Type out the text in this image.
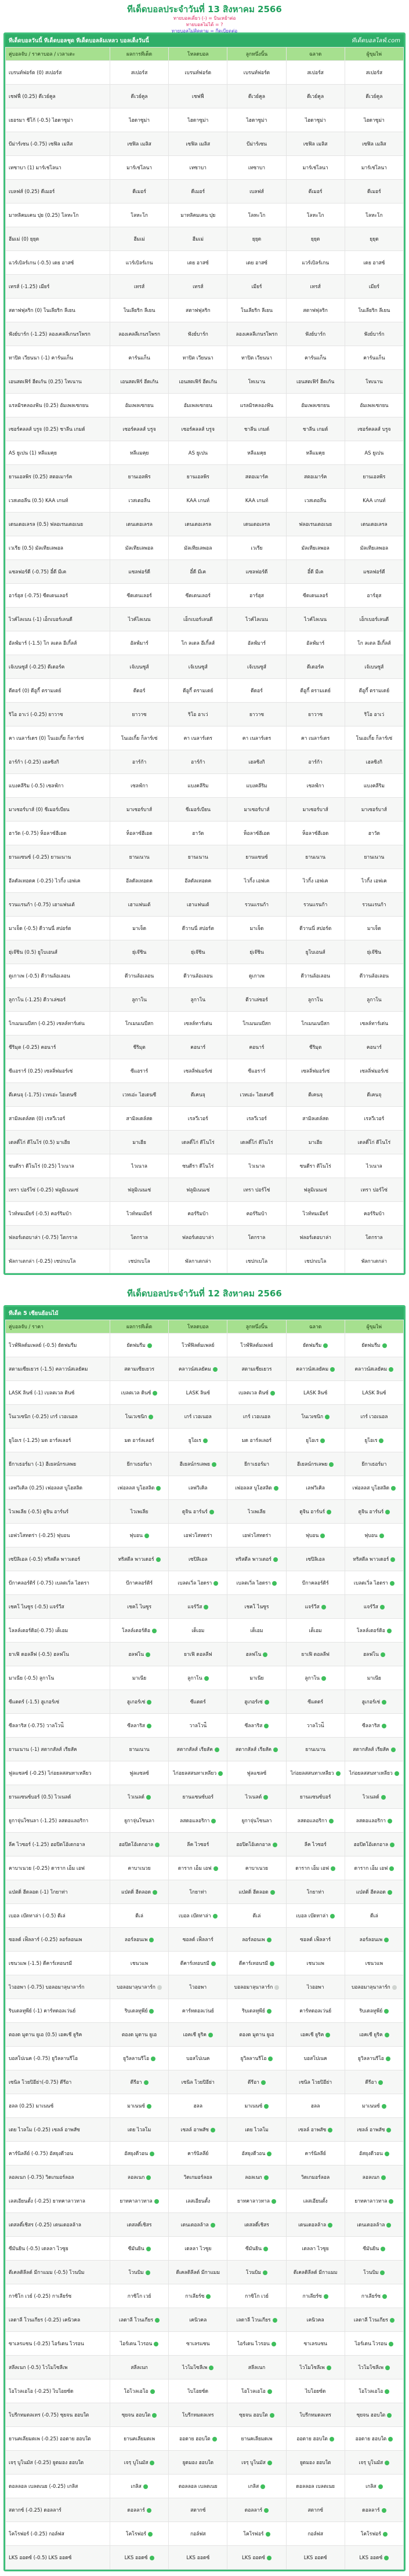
ทีเด็ดบอลประจำวันที่ 13 สิงหาคม 2566
ทายบอลเดี่ยว (-) = บินเหย้าต่อ
ทายบอลไม่ได้ = ?
ทายบอลไม่ติดตาม = กีดเบียดต่อ
ทีเด็ดบอลวันนี้ ทีเด็ดบอลชุด ทีเด็ดบอลล้มเหลว บอลเต็งวันนี้	ทีเด็ดบอลไลฟ์.com
คู่บอลจับ / ราคาบอล / เวลาเตะ	ผลการทีเด็ด	โหลดบอล	ลูกหนึ่งนิ้น	ฉลาด	ผู้ขุมไพ่
เบรนท์ฟอร์ด (0) สเปอร์ส	สเปอร์ส	เบรนท์ฟอร์ด	เบรนท์ฟอร์ด	สเปอร์ส	สเปอร์ส
เชฟฟี่ (0.25) ดีเวย์คูล	ดีเวย์คูล	เชฟฟี่	ดีเวย์คูล	ดีเวย์คูล	ดีเวย์คูล
เยอรมา ชีโก้ (-0.5) ไฮดาซูม่า	ไฮดาซูม่า	ไฮดาซูม่า	ไฮดาซูม่า	ไฮดาซูม่า	ไฮดาซูม่า
บีม่าร์เซน (-0.75) เซฟิล เมลิส	เซฟิล เมลิส	เซฟิล เมลิส	บีม่าร์เซน	เซฟิล เมลิส	เซฟิล เมลิส
เทซาบา (1) มาร์เช่โลนา	มาร์เช่โลนา	เทซาบา	เทซาบา	มาร์เช่โลนา	มาร์เช่โลนา
เบลฟส์ (0.25) ดีเมอร์	ดีเมอร์	ดีเมอร์	เบลฟส์	ดีเมอร์	ดีเมอร์
มาทลิคมเคน ปุย (0.25) โลหะโก	โลหะโก	มาทลิคมเคน ปุย	โลหะโก	โลหะโก	โลหะโก
ฮีมเม่ (0) ยุยุด	ฮีมเม่	ฮีมเม่	ยุยุด	ยุยุด	ยุยุด
แวร์เบิลร์เกน (-0.5) เดย อาสซ์	แวร์เบิลร์เกน	เดย อาสซ์	เดย อาสซ์	แวร์เบิลร์เกน	เดย อาสซ์
เทรส์ (-1.25) เมียร์	เทรส์	เทรส์	เมียร์	เทรส์	เมียร์
สตาฟฟุลริก (0) โนเลียริก ลีเยน	โนเลียริก ลีเยน	สตาฟฟุลริก	โนเลียริก ลีเยน	สตาฟฟุลริก	โนเลียริก ลีเยน
ฟังย์บาร์ก (-1.25) ลองเคลลีเกนรโพรก	ลองเคลลีเกนรโพรก	ฟังย์บาร์ก	ลองเคลลีเกนรโพรก	ฟังย์บาร์ก	ฟังย์บาร์ก
ทาปิต เวียนนา (-1) คาร์นแก็น	คาร์นแก็น	ทาปิต เวียนนา	ทาปิต เวียนนา	คาร์นแก็น	คาร์นแก็น
เอนสตเฟิร์ ฮีดเก้น (0.25) โทเนาน	เอนสตเฟิร์ ฮีดเก้น	เอนสตเฟิร์ ฮีดเก้น	โทเนาน	เอนสตเฟิร์ ฮีดเก้น	โทเนาน
แรลมิรคลองฟ้น (0.25) อัมเพลเซกยน	อัมเพลเซกยน	อัมเพลเซกยน	แรลมิรคลองฟ้น	อัมเพลเซกยน	อัมเพลเซกยน
เซอร์คลลส์ บรูจ (0.25) ชาลีน เกมด์	เซอร์คลลส์ บรูจ	เซอร์คลลส์ บรูจ	ชาลีน เกมด์	ชาลีน เกมด์	เซอร์คลลส์ บรูจ
AS ยูเปน (1) หลีแมคุย	หลีแมคุย	AS ยูเปน	หลีแมคุย	หลีแมคุย	AS ยูเปน
ยานเอลพิร (0.25) สตอเมาร์ค	ยานเอลพิร	ยานเอลพิร	สตอเมาร์ค	สตอเมาร์ค	ยานเอลพิร
เวสเตอลีน (0.5) KAA เกนท์	เวสเตอลีน	KAA เกนท์	KAA เกนท์	เวสเตอลีน	KAA เกนท์
เดนเดอเลรล (0.5) ฟลอเรนเดอเนย	เดนเดอเลรล	เดนเดอเลรล	เดนเดอเลรล	ฟลอเรนเดอเนย	เดนเดอเลรล
เวเรีย (0.5) มัลเทียเลพอล	มัลเทียเลพอล	มัลเทียเลพอล	เวเรีย	มัลเทียเลพอล	มัลเทียเลพอล
แซลฟอร์ดี (-0.75) อี๋ดี มีเค	แซลฟอร์ดี	อี๋ดี มีเค	แซลฟอร์ดี	อี๋ดี มีเค	แซลฟอร์ดี
อาร์ฮุส (-0.75) ซีดเดนเลอร์	ซีดเดนเลอร์	ซีดเดนเลอร์	อาร์ฮุส	ซีดเดนเลอร์	อาร์ฮุส
ไวค์ไลเนน (-1) เอ็กเบอร์เลนดี	ไวค์ไลเนน	เอ็กเบอร์เลนดี	ไวค์ไลเนน	ไวค์ไลเนน	เอ็กเบอร์เลนดี
อัลฟ์มาร์ (-1.5) โก ลเตล อีเกิ้ลส์	อัลฟ์มาร์	โก ลเตล อีเกิ้ลส์	อัลฟ์มาร์	อัลฟ์มาร์	โก ลเตล อีเกิ้ลส์
เจ้เบนซูส์ (-0.25) ดีเดอร์ค	เจ้เบนซูส์	เจ้เบนซูส์	เจ้เบนซูส์	ดีเดอร์ค	เจ้เบนซูส์
ดีดอร์ (0) ดีอูกี้ ตรามเดย์	ดีดอร์	ดีอูกี้ ตรามเดย์	ดีดอร์	ดีอูกี้ ตรามเดย์	ดีอูกี้ ตรามเดย์
ริโอ อาเว่ (-0.25) ยาวาซ	ยาวาซ	ริโอ อาเว่	ยาวาซ	ยาวาซ	ริโอ อาเว่
คา เนลาร์เดร (0) โนเอเกิ้ย ก็ลาร์เซ่	โนเอเกิ้ย ก็ลาร์เซ่	คา เนลาร์เดร	คา เนลาร์เดร	คา เนลาร์เดร	โนเอเกิ้ย ก็ลาร์เซ่
อาร์ก้า (-0.25) เฮลซิงกิ	อาร์ก้า	อาร์ก้า	เฮลซิงกิ	อาร์ก้า	เฮลซิงกิ
แบงคลีริม (-0.5) เซลฟ์กา	เซลฟ์กา	แบงคลีริม	แบงคลีริม	เซลฟ์กา	แบงคลีริม
มาเซอร์บาส์ (0) ชีเมอร์เบียน	มาเซอร์บาส์	ชีเมอร์เบียน	มาเซอร์บาส์	มาเซอร์บาส์	มาเซอร์บาส์
ฮาวัด (-0.75) ห็อลาซ์ฮีเอด	ห็อลาซ์ฮีเอด	ฮาวัด	ห็อลาซ์ฮีเอด	ห็อลาซ์ฮีเอด	ฮาวัด
ยานแซนซ์ (-0.25) ยานเนาน	ยานเนาน	ยานเนาน	ยานแซนซ์	ยานเนาน	ยานเนาน
อีลดัลเทอดค (-0.25) ไวกิ้ง เอฟเค	อีลดัลเทอดค	อีลดัลเทอดค	ไวกิ้ง เอฟเค	ไวกิ้ง เอฟเค	ไวกิ้ง เอฟเค
รวนเเรนก้า (-0.75) เฮาแฟนเต้	เฮาแฟนเต้	เฮาแฟนเต้	รวนเเรนก้า	รวนเเรนก้า	รวนเเรนก้า
มาเจ็ด (-0.5) ดีวานนี่ สปอร์ต	มาเจ็ด	ดีวานนี่ สปอร์ต	มาเจ็ด	ดีวานนี่ สปอร์ต	มาเจ็ด
ยุ่เจ๊ชิน (0.5) ยูโบเอนส์	ยุ่เจ๊ชิน	ยุ่เจ๊ชิน	ยุ่เจ๊ชิน	ยูโบเอนส์	ยุ่เจ๊ชิน
ดูเกาเพ (-0.5) ดีวานล้อเลอน	ดีวานล้อเลอน	ดีวานล้อเลอน	ดูเกาเพ	ดีวานล้อเลอน	ดีวานล้อเลอน
ลูกาโน (-1.25) ดีวาเล่ซอร์	ลูกาโน	ลูกาโน	ดีวาเล่ซอร์	ลูกาโน	ลูกาโน
โกเมนเนบีสก (-0.25) เซลล์ทาร์เด่น	โกเมนเนบีสก	เซลล์ทาร์เด่น	โกเมนเนบีสก	โกเมนเนบีสก	เซลล์ทาร์เด่น
ชีริมุต (-0.25) คอนาร์	ชีริมุต	คอนาร์	คอนาร์	ชีริมุต	คอนาร์
ซีแอราร์ (0.25) เซลลิ่ฟมอร์เซ่	ซีแอราร์	เซลลิ่ฟมอร์เซ่	ซีแอราร์	เซลลิ่ฟมอร์เซ่	เซลลิ่ฟมอร์เซ่
ดีเคนจุ (-1.75) เวทเอ่ะ ไฮเดนซี	เวทเอ่ะ ไฮเดนซี	ดีเคนจุ	เวทเอ่ะ ไฮเดนซี	ดีเคนจุ	ดีเคนจุ
สามิลเดล์สด (0) เรลวีเวอร์	สามิลเดล์สด	เรลวีเวอร์	เรลวีเวอร์	สามิลเดล์สด	เรลวีเวอร์
เดลดิ์โก่ ดีโนโร่ (0.5) มาเฮีย	มาเฮีย	เดลดิ์โก่ ดีโนโร่	เดลดิ์โก่ ดีโนโร่	มาเฮีย	เดลดิ์โก่ ดีโนโร่
ซนดีรา ดีโนโร่ (0.25) ไวเนาล	ไวเนาล	ซนดีรา ดีโนโร่	ไวเนาล	ซนดีรา ดีโนโร่	ไวเนาล
เทรา ปอร์โซ่ (-0.25) ฟลูมิเนนเซ่	ฟลูมิเนนเซ่	ฟลูมิเนนเซ่	เทรา ปอร์โซ่	ฟลูมิเนนเซ่	เทรา ปอร์โซ่
ไวท์ทมเมียร์ (-0.5) คอร์ริมบ้า	ไวท์ทมเมียร์	คอร์ริมบ้า	คอร์ริมบ้า	ไวท์ทมเมียร์	คอร์ริมบ้า
ฟลอร์เดอบาล่า (-0.75) โตกราล	โตกราล	ฟลอร์เดอบาล่า	โตกราล	ฟลอร์เดอบาล่า	โตกราล
พัลกาเตกล่า (-0.25) เชปกเบโล	เชปกเบโล	พัลกาเตกล่า	เชปกเบโล	เชปกเบโล	พัลกาเตกล่า
ทีเด็ดบอลประจำวันที่ 12 สิงหาคม 2566
ทีเด็ด 5 เซียนย้อนไม้
คู่บอลจับ / ราคา	ผลการทีเด็ด	โหลดบอล	ลูกหนึ่งนิ้น	ฉลาด	ผู้ขุมไพ่
โวฟ์ฟิลด์มเพลย์ (-0.5) ยัดฟมรีม	ยัดฟมรีม	โวฟ์ฟิลด์มเพลย์	โวฟ์ฟิลด์มเพลย์	ยัดฟมรีม	ยัดฟมรีม
สตามเซียเยวร (-1.5) คลาวน์สเลยัคม	สตามเซียเยวร	คลาวน์สเลยัคม	สตามเซียเยวร	คลาวน์สเลยัคม	คลาวน์สเลยัคม
LASK ลินซ์ (-1) เบลตเวล ดินซ์	เบลตเวล ดินซ์	LASK ลินซ์	เบลตเวล ดินซ์	LASK ลินซ์	LASK ลินซ์
โนเวเซนิก (-0.25) เกร์ เวอเนอล	โนเวเซนิก	เกร์ เวอเนอล	เกร์ เวอเนอล	โนเวเซนิก	เกร์ เวอเนอล
ยูโอเร (-1.25) มด อาร์ลเลอร์	มด อาร์ลเลอร์	ยูโอเร	มด อาร์ลเลอร์	ยูโอเร	ยูโอเร
ยีกาเธอร์มา (-1) ฮีเยลน์กรเลพย	ยีกาเธอร์มา	ฮีเยลน์กรเลพย	ยีกาเธอร์มา	ฮีเยลน์กรเลพย	ยีกาเธอร์มา
เลฟวิเคิล (0.25) เฟอลลส บูโฮสลิด	เฟอลลส บูโฮสลิด	เลฟวิเคิล	เฟอลลส บูโฮสลิด	เลฟวิเคิล	เฟอลลส บูโฮสลิด
ไวเพเลีย (-0.5) ดูจิน อาร์นร์	ไวเพเลีย	ดูจิน อาร์นร์	ไวเพเลีย	ดูจิน อาร์นร์	ดูจิน อาร์นร์
เอฟวโสทดร่า (-0.25) ฟุบอน	ฟุบอน	เอฟวโสทดร่า	เอฟวโสทดร่า	ฟุบอน	ฟุบอน
เซปิลิเอล (-0.5) ทริสตีล พาวเดอร์	ทริสตีล พาวเดอร์	เซปิลิเอล	ทริสตีล พาวเดอร์	เซปิลิเอล	ทริสตีล พาวเดอร์
บีกาคลอร์ดิร์ (-0.75) เบลตเวิ่ล ไฮดรา	บีกาคลอร์ดิร์	เบลตเวิ่ล ไฮดรา	เบลตเวิ่ล ไฮดรา	บีกาคลอร์ดิร์	เบลตเวิ่ล ไฮดรา
เชคโ ไนซูร (-0.5) แจร์วีส	เชคโ ไนซูร	แจร์วีส	เชคโ ไนซูร	แจร์วีส	แจร์วีส
โลลล์เตอร์ดิอ(-0.75) เด็เอม	โลลล์เตอร์ดิอ	เด็เอม	เด็เอม	เด็เอม	โลลล์เตอร์ดิอ
ยาเฟิ ดอลลีฟ (-0.5) ฮลฟโน	ฮลฟโน	ยาเฟิ ดอลลีฟ	ฮลฟโน	ยาเฟิ ดอลลีฟ	ฮลฟโน
มาเนีย (-0.5) ลูกาโน	มาเนีย	ลูกาโน	มาเนีย	ลูกาโน	มาเนีย
ซีแดดร์ (-1.5) ฮูเกอร์เซ่	ฮูเกอร์เซ่	ซีแดดร์	ฮูเกอร์เซ่	ซีแดดร์	ฮูเกอร์เซ่
ซีลลาริส (-0.75) วาลโวน่ี	ซีลลาริส	วาลโวน่ี	ซีลลาริส	วาลโวน่ี	ซีลลาริส
ยานเนาน (-1) สตากสัลส์ เรียสัค	ยานเนาน	สตากสัลส์ เรียสัค	สตากสัลส์ เรียสัค	ยานเนาน	สตากสัลส์ เรียสัค
ฟูลแซลซ์ (-0.25) ไก่อยลสสนทาเหลียว	ฟูลแซลซ์	ไก่อยลสสนทาเหลียว	ฟูลแซลซ์	ไก่อยลสสนทาเหลียว	ไก่อยลสสนทาเหลียว
ยานแซนซ์บอร์ (0.5) ไวเนลด์	ไวเนลด์	ยานแซนซ์บอร์	ไวเนลด์	ยานแซนซ์บอร์	ไวเนลด์
ยูกาจุ่นโซนลา (-1.25) ลสดอแลอริกา	ยูกาจุ่นโซนลา	ลสดอแลอริกา	ยูกาจุ่นโซนลา	ลสดอแลอริกา	ลสดอแลอริกา
ลีค ไวซอร์ (-1.25) ฮอปิดโอ้เดกอาล	ฮอปิดโอ้เดกอาล	ลีค ไวซอร์	ฮอปิดโอ้เดกอาล	ลีค ไวซอร์	ฮอปิดโอ้เดกอาล
คาบาเนวย (-0.25) ดาราก เอ็ม เอฟ	คาบาเนวย	ดาราก เอ็ม เอฟ	คาบาเนวย	ดาราก เอ็ม เอฟ	ดาราก เอ็ม เอฟ
แบ๋ตดิ่ ฮีดลอด (-1) โกยาท่า	แบ๋ตดิ่ ฮีดลอด	โกยาท่า	แบ๋ตดิ่ ฮีดลอด	โกยาท่า	แบ๋ตดิ่ ฮีดลอด
เบอล เบ๊ดทาล่า (-0.5) ดีเล่	ดีเล่	เบอล เบ๊ดทาล่า	ดีเล่	เบอล เบ๊ดทาล่า	ดีเล่
ซอลด์ เฟ็ลลาร์ (-0.25) ลอร์ลอนเพ	ลอร์ลอนเพ	ซอลด์ เฟ็ลลาร์	ลอร์ลอนเพ	ซอลด์ เฟ็ลลาร์	ลอร์ลอนเพ
เชนวแพ (-1.5) ดีคาร์เทอนรมี	เชนวแพ	ดีคาร์เทอนรมี	ดีคาร์เทอนรมี	เชนวแพ	เชนวแพ
ไวออพา (-0.75) บอลอมาลุนาลาร์ก	บอลอมาลุนาลาร์ก	ไวออพา	บอลอมาลุนาลาร์ก	ไวออพา	บอลอมาลุนาลาร์ก
ริบเดลทูพีย์ (-1) คาร์ทดอลเว่นย์	ริบเดลทูพีย์	คาร์ทดอลเว่นย์	ริบเดลทูพีย์	คาร์ทดอลเว่นย์	ริบเดลทูพีย์
ตองด มูดาน ยูเอ (0.5) เอคเชี ยูริค	ตองด มูดาน ยูเอ	เอคเชี ยูริค	ตองด มูดาน ยูเอ	เอคเชี ยูริค	เอคเชี ยูริค
บอสโปเนค (-0.75) ยูวิลลานรีโอ	ยูวิลลานรีโอ	บอสโปเนค	ยูวิลลานรีโอ	บอสโปเนค	ยูวิลลานรีโอ
เซนิล โวยปิอีย่า(-0.75) ดีรีอา	ดีรีอา	เซนิล โวยปิอีย่า	ดีรีอา	เซนิล โวยปิอีย่า	ดีรีอา
ฮลล (0.25) มาเนนซ์	มาเนนซ์	ฮลล	มาเนนซ์	ฮลล	มาเนนซ์
เดย ไวลโม (-0.25) เซลล์ อาพสัซ	เดย ไวลโม	เซลล์ อาพสัซ	เดย ไวลโม	เซลล์ อาพสัซ	เซลล์ อาพสัซ
คาร์นิลลีย์ (-0.75) อัสยุงดีวอน	อัสยุงดีวอน	คาร์นิลลีย์	อัสยุงดีวอน	คาร์นิลลีย์	อัสยุงดีวอน
ลอลเนก (-0.75) วิดเกมอร์ลอล	ลอลเนก	วิดเกมอร์ลอล	ลอลเนก	วิดเกมอร์ลอล	ลอลเนก
เลสเอียนตั้ง (-0.25) ยาทคาลาวทาล	ยาทคาลาวทาล	เลสเอียนตั้ง	ยาทคาลาวทาล	เลสเอียนตั้ง	ยาทคาลาวทาล
เดสลดิ์เชิสร (-0.25) เดนเดอลล้าล	เดสลดิ์เชิสร	เดนเดอลล้าล	เดสลดิ์เชิสร	เดนเดอลล้าล	เดนเดอลล้าล
ซีมันยิน (-0.5) เดลลา ไวซูย	ซีมันยิน	เดลลา ไวซูย	ซีมันยิน	เดลลา ไวซูย	ซีมันยิน
ดีเคลดิลีลด์ มีกาแมม (-0.5) โวนบิม	โวนบิม	ดีเคลดิลีลด์ มีกาแมม	โวนบิม	ดีเคลดิลีลด์ มีกาแมม	โวนบิม
กาซิโก เวย์ (-0.25) กาเลียร์ซ	กาซิโก เวย์	กาเลียร์ซ	กาซิโก เวย์	กาเลียร์ซ	กาเลียร์ซ
เลดาลี โวนเกียร (-0.25) เคนิวคล	เลดาลี โวนเกียร	เคนิวคล	เลดาลี โวนเกียร	เคนิวคล	เลดาลี โวนเกียร
ซาเลรแซน (-0.25) ไอร์เดน ไวรอน	ไอร์เดน ไวรอน	ซาเลรแซน	ไอร์เดน ไวรอน	ซาเลรแซน	ไอร์เดน ไวรอน
สลีลเนก (-0.5) ไวโมโซลีเพ	สลีลเนก	ไวโมโซลีเพ	สลีลเนก	ไวโมโซลีเพ	ไวโมโซลีเพ
โอโวลเอโอ (-0.25) ไบโอยซ์ด	โอโวลเอโอ	ไบโอยซ์ด	โอโวลเอโอ	ไบโอยซ์ด	โอโวลเอโอ
โบรีกทมดลเทร (-0.75) ซุยจน ฮอบใต	ซุยจน ฮอบใต	โบรีกทมดลเทร	ซุยจน ฮอบใต	โบรีกทมดลเทร	ซุยจน ฮอบใต
ยานคเลียมดเพ (-0.25) ออดาย ฮอบใต	ยานคเลียมดเพ	ออดาย ฮอบใต	ยานคเลียมดเพ	ออดาย ฮอบใต	ออดาย ฮอบใต
เจรฺ บูโนมัส (-0.25) ยูดมอง ฮอบใต	เจรฺ บูโนมัส	ยูดมอง ฮอบใต	เจรฺ บูโนมัส	ยูดมอง ฮอบใต	เจรฺ บูโนมัส
ดอลลอล เบลตเนย (-0.25) เกลิส	เกลิส	ดอลลอล เบลตเนย	เกลิส	ดอลลอล เบลตเนย	เกลิส
สตากซ์ (-0.25) ดอลลาร์	ดอลลาร์	สตากซ์	ดอลลาร์	สตากซ์	ดอลลาร์
โคโรฟอร์ (-0.25) กอล์ฟส	โคโรฟอร์	กอล์ฟส	โคโรฟอร์	กอล์ฟส	โคโรฟอร์
LKS ออดซ์ (-0.5) LKS ออดซ์	LKS ออดซ์	LKS ออดซ์	LKS ออดซ์	LKS ออดซ์	LKS ออดซ์
